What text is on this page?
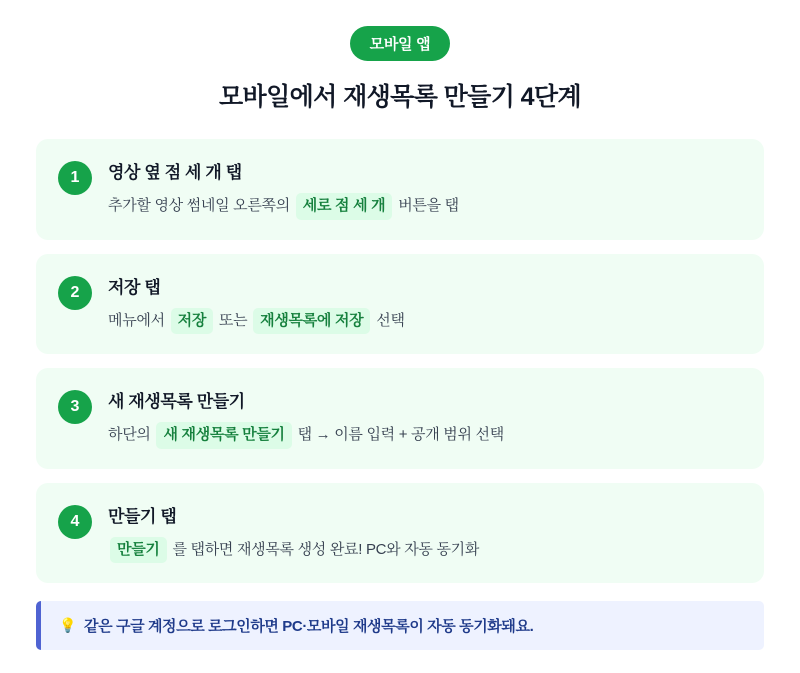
모바일 앱
모바일에서 재생목록 만들기 4단계
1	영상 옆 점 세 개 탭
추가할 영상 썸네일 오른쪽의 세로 점 세 개 버튼을 탭
2	저장 탭
메뉴에서 저장 또는 재생목록에 저장 선택
3	새 재생목록 만들기
하단의 새 재생목록 만들기 탭 → 이름 입력 + 공개 범위 선택
4	만들기 탭
만들기 를 탭하면 재생목록 생성 완료! PC와 자동 동기화
💡 같은 구글 계정으로 로그인하면 PC·모바일 재생목록이 자동 동기화돼요.
